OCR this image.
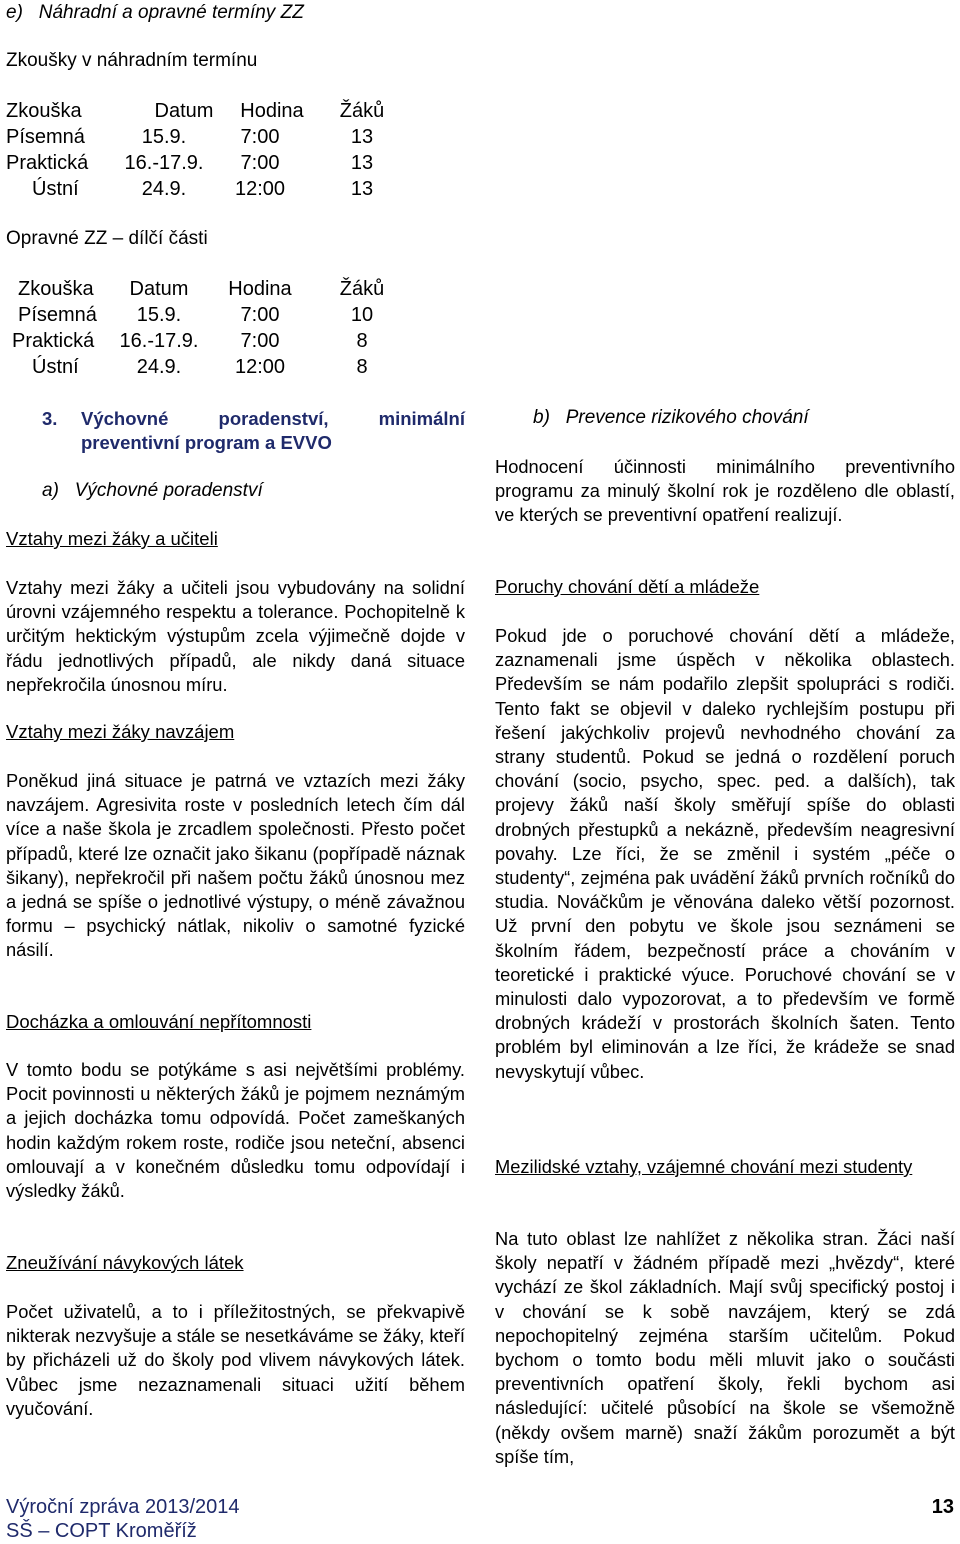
e)   Náhradní a opravné termíny ZZ
Zkoušky v náhradním termínu
Zkouška	Datum	Hodina	Žáků
Písemná	15.9.	7:00	13
Praktická	16.-17.9.	7:00	13
Ústní	24.9.	12:00	13
Opravné ZZ – dílčí části
Zkouška	Datum	Hodina	Žáků
Písemná	15.9.	7:00	10
Praktická	16.-17.9.	7:00	8
Ústní	24.9.	12:00	8
3. Výchovné poradenství, minimální preventivní program a EVVO
a)   Výchovné poradenství
Vztahy mezi žáky a učiteli
Vztahy mezi žáky a učiteli jsou vybudovány na solidní úrovni vzájemného respektu a tolerance. Pochopitelně k určitým hektickým výstupům zcela výjimečně dojde v řádu jednotlivých případů, ale nikdy daná situace nepřekročila únosnou míru.
Vztahy mezi žáky navzájem
Poněkud jiná situace je patrná ve vztazích mezi žáky navzájem. Agresivita roste v posledních letech čím dál více a naše škola je zrcadlem společnosti. Přesto počet případů, které lze označit jako šikanu (popřípadě náznak šikany), nepřekročil při našem počtu žáků únosnou mez a jedná se spíše o jednotlivé výstupy, o méně závažnou formu – psychický nátlak, nikoliv o samotné fyzické násilí.
Docházka a omlouvání nepřítomnosti
V tomto bodu se potýkáme s asi největšími problémy. Pocit povinnosti u některých žáků je pojmem neznámým a jejich docházka tomu odpovídá. Počet zameškaných hodin každým rokem roste, rodiče jsou neteční, absenci omlouvají a v konečném důsledku tomu odpovídají i výsledky žáků.
Zneužívání návykových látek
Počet uživatelů, a to i příležitostných, se překvapivě nikterak nezvyšuje a stále se nesetkáváme se žáky, kteří by přicházeli už do školy pod vlivem návykových látek. Vůbec jsme nezaznamenali situaci užití během vyučování.
b)   Prevence rizikového chování
Hodnocení účinnosti minimálního preventivního programu za minulý školní rok je rozděleno dle oblastí, ve kterých se preventivní opatření realizují.
Poruchy chování dětí a mládeže
Pokud jde o poruchové chování dětí a mládeže, zaznamenali jsme úspěch v několika oblastech. Především se nám podařilo zlepšit spolupráci s rodiči. Tento fakt se objevil v daleko rychlejším postupu při řešení jakýchkoliv projevů nevhodného chování za strany studentů. Pokud se jedná o rozdělení poruch chování (socio, psycho, spec. ped. a dalších), tak projevy žáků naší školy směřují spíše do oblasti drobných přestupků a nekázně, především neagresivní povahy. Lze říci, že se změnil i systém „péče o studenty“, zejména pak uvádění žáků prvních ročníků do studia. Nováčkům je věnována daleko větší pozornost. Už první den pobytu ve škole jsou seznámeni se školním řádem, bezpečností práce a chováním v teoretické i praktické výuce. Poruchové chování se v minulosti dalo vypozorovat, a to především ve formě drobných krádeží v prostorách školních šaten. Tento problém byl eliminován a lze říci, že krádeže se snad nevyskytují vůbec.
Mezilidské vztahy, vzájemné chování mezi studenty
Na tuto oblast lze nahlížet z několika stran. Žáci naší školy nepatří v žádném případě mezi „hvězdy“, které vychází ze škol základních. Mají svůj specifický postoj i v chování se k sobě navzájem, který se zdá nepochopitelný zejména starším učitelům. Pokud bychom o tomto bodu měli mluvit jako o součásti preventivních opatření školy, řekli bychom asi následující: učitelé působící na škole se všemožně (někdy ovšem marně) snaží žákům porozumět a být spíše tím,
Výroční zpráva 2013/2014
SŠ – COPT Kroměříž
13
